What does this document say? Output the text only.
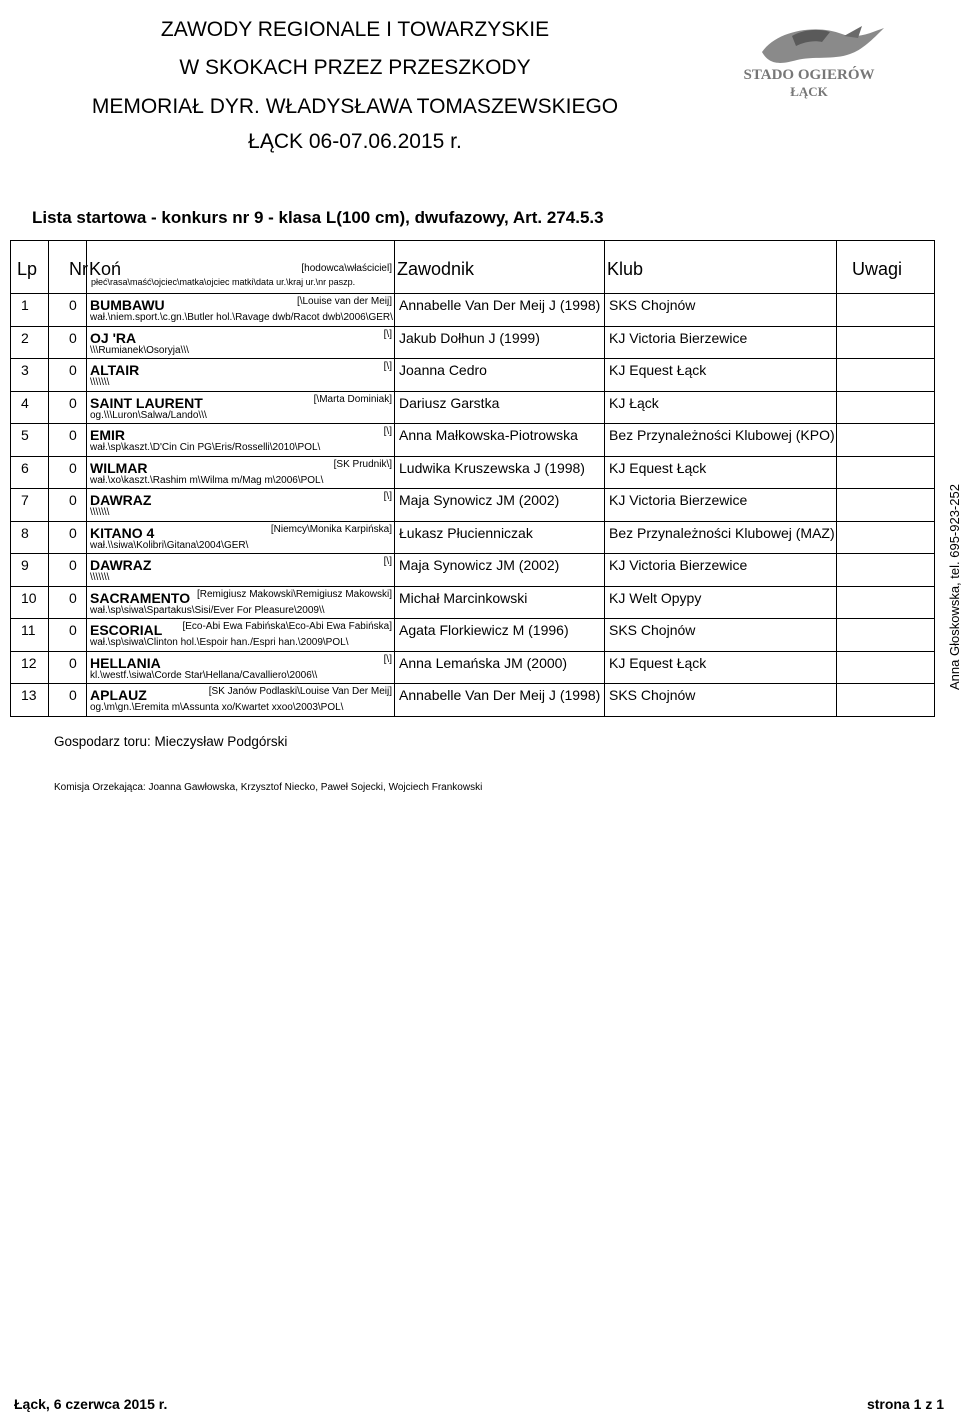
ZAWODY REGIONALE I TOWARZYSKIE
W SKOKACH PRZEZ PRZESZKODY
MEMORIAŁ DYR. WŁADYSŁAWA TOMASZEWSKIEGO
ŁĄCK 06-07.06.2015 r.
STADO OGIERÓW
ŁĄCK
Lista startowa - konkurs nr 9 - klasa L(100 cm), dwufazowy, Art. 274.5.3
Lp	Nr	Koń [hodowca\właściciel]
płeć\rasa\maść\ojciec\matka\ojciec matki\data ur.\kraj ur.\nr paszp.	Zawodnik	Klub	Uwagi

1	0	BUMBAWU [\Louise van der Meij]
wał.\niem.sport.\c.gn.\Butler hol.\Ravage dwb/Racot dwb\2006\GER\	Annabelle Van Der Meij J (1998)	SKS Chojnów	

2	0	OJ 'RA [\]
\\\Rumianek\Osoryja\\\	Jakub Dołhun J (1999)	KJ Victoria Bierzewice	

3	0	ALTAIR [\]
\\\\\\\	Joanna Cedro	KJ Equest Łąck	

4	0	SAINT LAURENT [\Marta Dominiak]
og.\\\Luron\Salwa/Lando\\\	Dariusz Garstka	KJ Łąck	

5	0	EMIR [\]
wał.\sp\kaszt.\D'Cin Cin PG\Eris/Rosselli\2010\POL\	Anna Małkowska-Piotrowska	Bez Przynależności Klubowej (KPO)	

6	0	WILMAR [SK Prudnik\]
wał.\xo\kaszt.\Rashim m\Wilma m/Mag m\2006\POL\	Ludwika Kruszewska J (1998)	KJ Equest Łąck	

7	0	DAWRAZ [\]
\\\\\\\	Maja Synowicz JM (2002)	KJ Victoria Bierzewice	

8	0	KITANO 4 [Niemcy\Monika Karpińska]
wał.\\siwa\Kolibri\Gitana\2004\GER\	Łukasz Płucienniczak	Bez Przynależności Klubowej (MAZ)	

9	0	DAWRAZ [\]
\\\\\\\	Maja Synowicz JM (2002)	KJ Victoria Bierzewice	

10	0	SACRAMENTO [Remigiusz Makowski\Remigiusz Makowski]
wał.\sp\siwa\Spartakus\Sisi/Ever For Pleasure\2009\\	Michał Marcinkowski	KJ Welt Opypy	

11	0	ESCORIAL [Eco-Abi Ewa Fabińska\Eco-Abi Ewa Fabińska]
wał.\sp\siwa\Clinton hol.\Espoir han./Espri han.\2009\POL\	Agata Florkiewicz M (1996)	SKS Chojnów	

12	0	HELLANIA [\]
kl.\westf.\siwa\Corde Star\Hellana/Cavalliero\2006\\	Anna Lemańska JM (2000)	KJ Equest Łąck	

13	0	APLAUZ [SK Janów Podlaski\Louise Van Der Meij]
og.\m\gn.\Eremita m\Assunta xo/Kwartet xxoo\2003\POL\	Annabelle Van Der Meij J (1998)	SKS Chojnów	

Anna Głoskowska, tel. 695-923-252
Gospodarz toru: Mieczysław Podgórski
Komisja Orzekająca: Joanna Gawłowska, Krzysztof Niecko, Paweł Sojecki, Wojciech Frankowski
Łąck, 6 czerwca 2015 r.	strona 1 z 1
